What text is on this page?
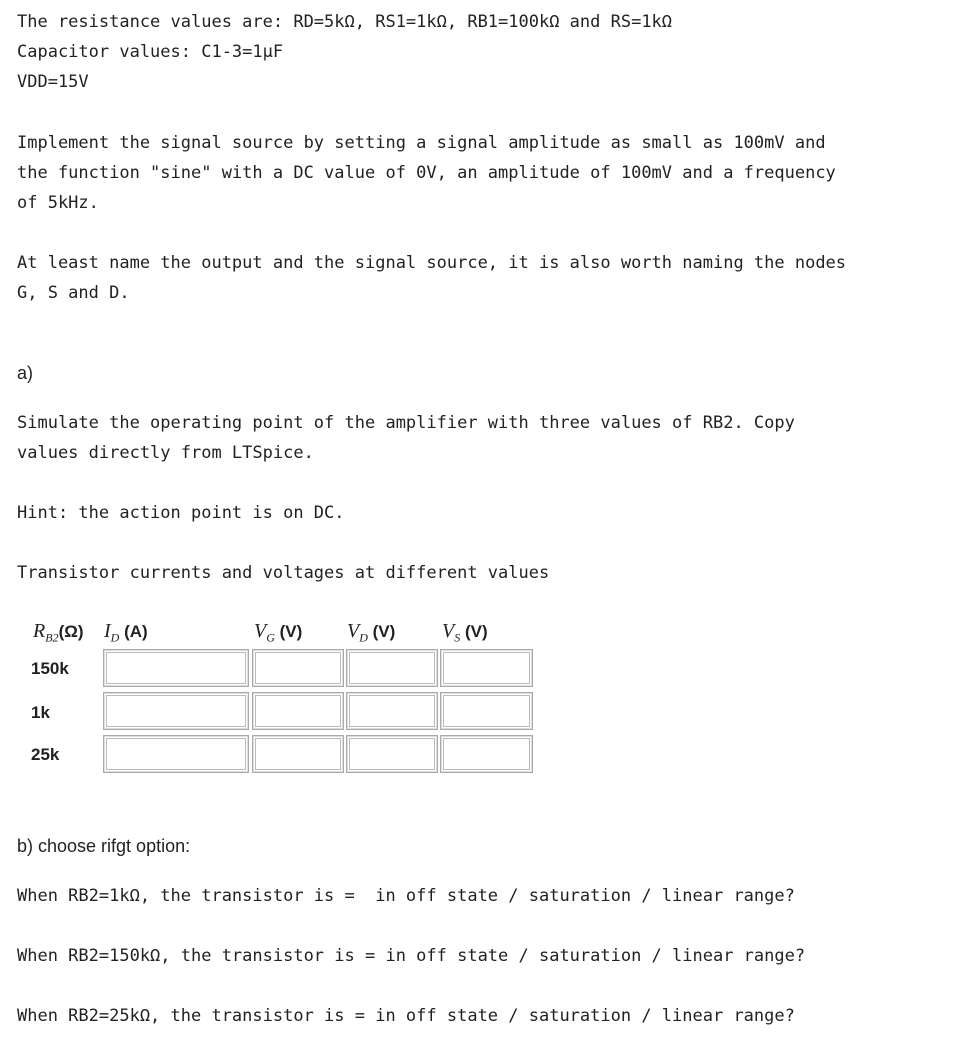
The resistance values are: RD=5kΩ, RS1=1kΩ, RB1=100kΩ and RS=1kΩ
Capacitor values: C1-3=1µF
VDD=15V
Implement the signal source by setting a signal amplitude as small as 100mV and
the function "sine" with a DC value of 0V, an amplitude of 100mV and a frequency
of 5kHz.
At least name the output and the signal source, it is also worth naming the nodes
G, S and D.
a)
Simulate the operating point of the amplifier with three values of RB2. Copy
values directly from LTSpice.
Hint: the action point is on DC.
Transistor currents and voltages at different values
$R_{B2}(\Omega)$ $I_D$ (A)	$V_G$ (V) $V_D$ (V) $V_S$ (V)
150k
1k
25k
b) choose rifgt option:
When RB2=1kΩ, the transistor is =  in off state / saturation / linear range?
When RB2=150kΩ, the transistor is = in off state / saturation / linear range?
When RB2=25kΩ, the transistor is = in off state / saturation / linear range?
